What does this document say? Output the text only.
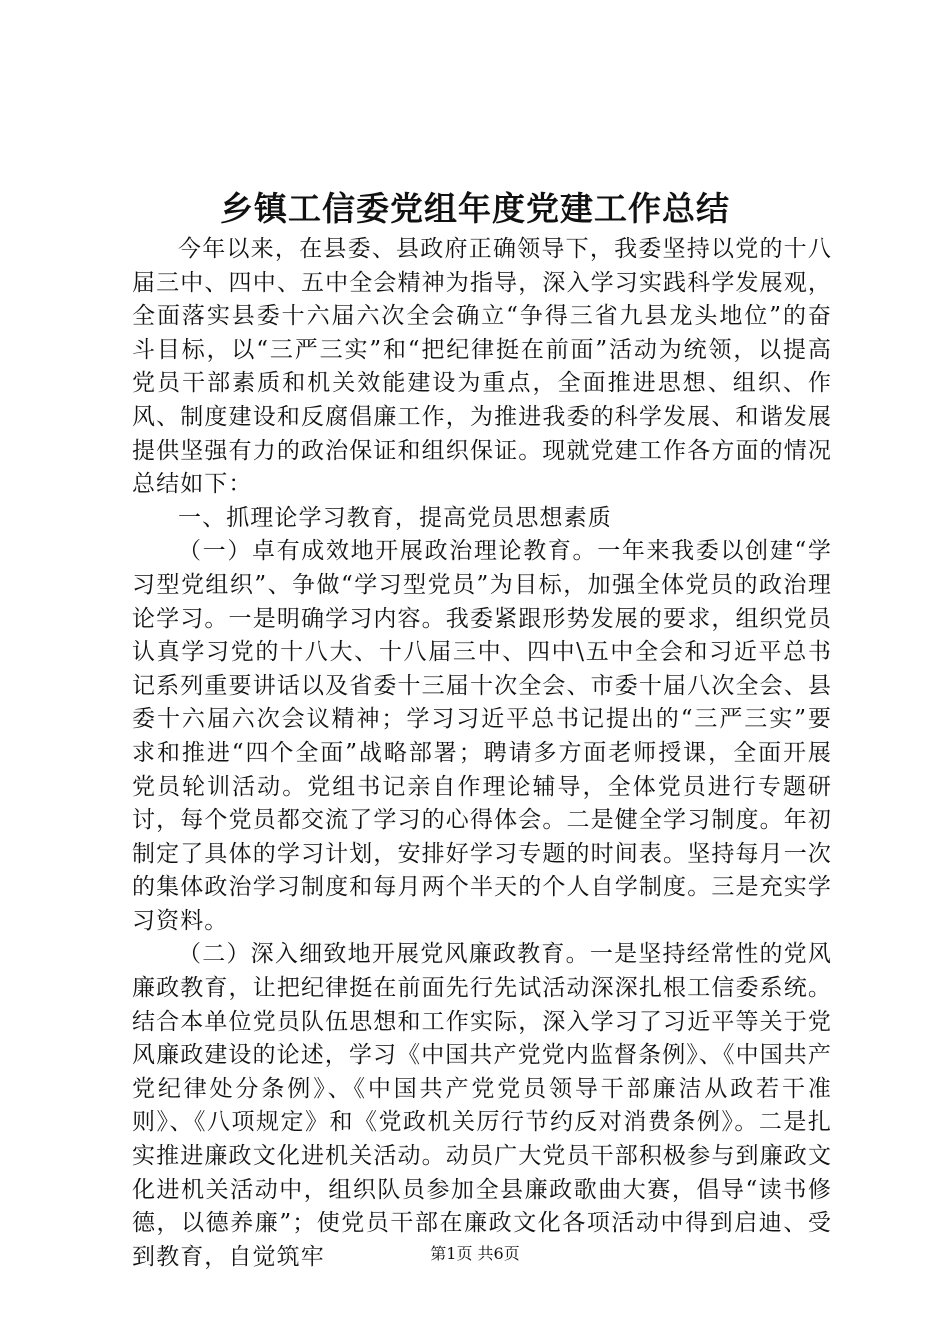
乡镇工信委党组年度党建工作总结

今年以来，在县委、县政府正确领导下，我委坚持以党的十八届三中、四中、五中全会精神为指导，深入学习实践科学发展观，全面落实县委十六届六次全会确立“争得三省九县龙头地位”的奋斗目标，以“三严三实”和“把纪律挺在前面”活动为统领，以提高党员干部素质和机关效能建设为重点，全面推进思想、组织、作风、制度建设和反腐倡廉工作，为推进我委的科学发展、和谐发展提供坚强有力的政治保证和组织保证。现就党建工作各方面的情况总结如下：

一、抓理论学习教育，提高党员思想素质

（一）卓有成效地开展政治理论教育。一年来我委以创建“学习型党组织”、争做“学习型党员”为目标，加强全体党员的政治理论学习。一是明确学习内容。我委紧跟形势发展的要求，组织党员认真学习党的十八大、十八届三中、四中\五中全会和习近平总书记系列重要讲话以及省委十三届十次全会、市委十届八次全会、县委十六届六次会议精神；学习习近平总书记提出的“三严三实”要求和推进“四个全面”战略部署；聘请多方面老师授课，全面开展党员轮训活动。党组书记亲自作理论辅导，全体党员进行专题研讨，每个党员都交流了学习的心得体会。二是健全学习制度。年初制定了具体的学习计划，安排好学习专题的时间表。坚持每月一次的集体政治学习制度和每月两个半天的个人自学制度。三是充实学习资料。

（二）深入细致地开展党风廉政教育。一是坚持经常性的党风廉政教育，让把纪律挺在前面先行先试活动深深扎根工信委系统。结合本单位党员队伍思想和工作实际，深入学习了习近平等关于党风廉政建设的论述，学习《中国共产党党内监督条例》、《中国共产党纪律处分条例》、《中国共产党党员领导干部廉洁从政若干准则》、《八项规定》和《党政机关厉行节约反对消费条例》。二是扎实推进廉政文化进机关活动。动员广大党员干部积极参与到廉政文化进机关活动中，组织队员参加全县廉政歌曲大赛，倡导“读书修德，以德养廉”；使党员干部在廉政文化各项活动中得到启迪、受到教育，自觉筑牢	第1页 共6页
